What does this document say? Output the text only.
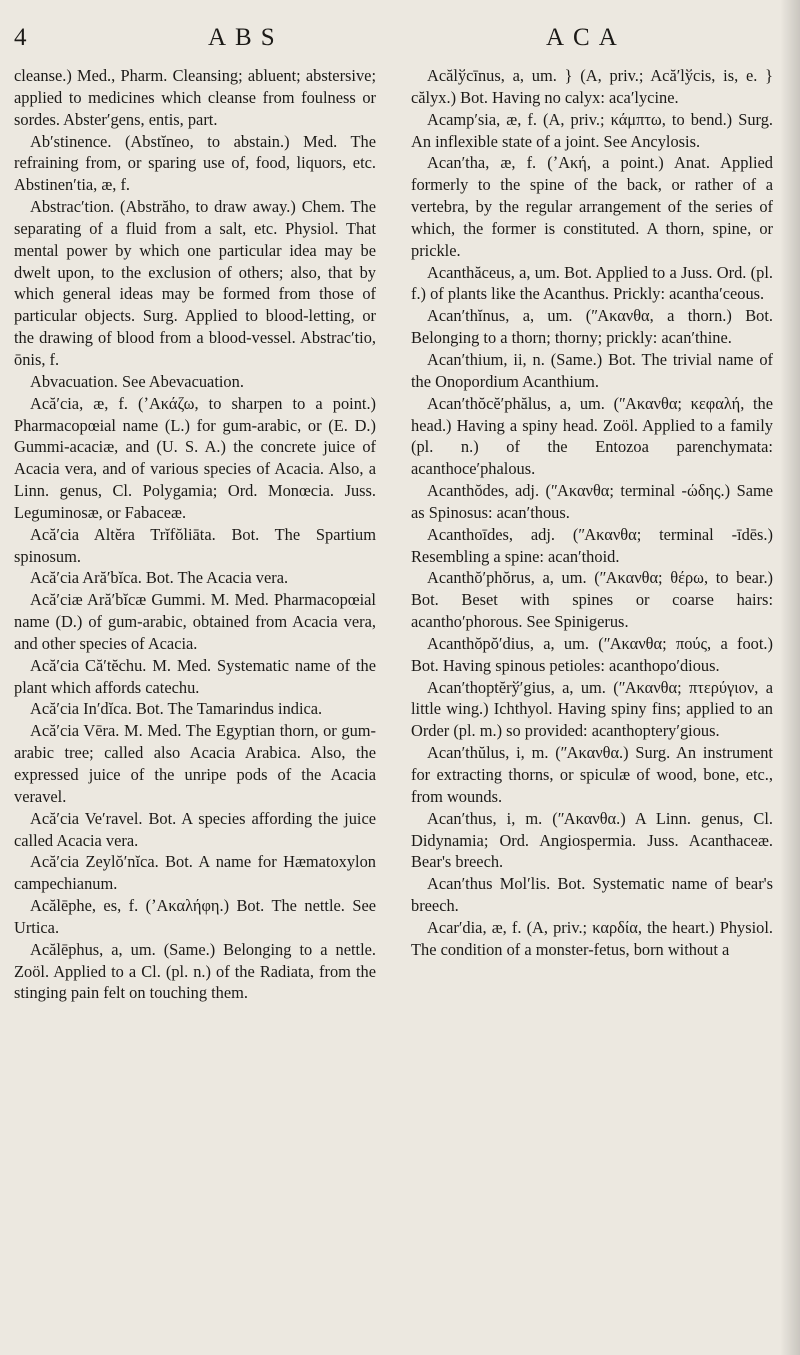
4	ABS	ACA

cleanse.) Med., Pharm. Cleansing; abluent; abstersive; applied to medicines which cleanse from foulness or sordes. Absterʹgens, entis, part.

Abʹstinence. (Abstĭneo, to abstain.) Med. The refraining from, or sparing use of, food, liquors, etc. Abstinenʹtia, æ, f.

Abstracʹtion. (Abstrăho, to draw away.) Chem. The separating of a fluid from a salt, etc. Physiol. That mental power by which one particular idea may be dwelt upon, to the exclusion of others; also, that by which general ideas may be formed from those of particular objects. Surg. Applied to blood-letting, or the drawing of blood from a blood-vessel. Abstracʹtio, ōnis, f.

Abvacuation. See Abevacuation.

Acăʹcia, æ, f. (ʼΑκάζω, to sharpen to a point.) Pharmacopœial name (L.) for gum-arabic, or (E. D.) Gummi-acaciæ, and (U. S. A.) the concrete juice of Acacia vera, and of various species of Acacia. Also, a Linn. genus, Cl. Polygamia; Ord. Monœcia. Juss. Leguminosæ, or Fabaceæ.

Acăʹcia Altĕra Trĭfŏliāta. Bot. The Spartium spinosum.

Acăʹcia Arăʹbĭca. Bot. The Acacia vera.

Acăʹciæ Arăʹbĭcæ Gummi. M. Med. Pharmacopœial name (D.) of gum-arabic, obtained from Acacia vera, and other species of Acacia.

Acăʹcia Căʹtĕchu. M. Med. Systematic name of the plant which affords catechu.

Acăʹcia Inʹdĭca. Bot. The Tamarindus indica.

Acăʹcia Vēra. M. Med. The Egyptian thorn, or gum-arabic tree; called also Acacia Arabica. Also, the expressed juice of the unripe pods of the Acacia veravel.

Acăʹcia Veʹravel. Bot. A species affording the juice called Acacia vera.

Acăʹcia Zeylŏʹnĭca. Bot. A name for Hæmatoxylon campechianum.

Acălēphe, es, f. (ʼΑκαλήφη.) Bot. The nettle. See Urtica.

Acălēphus, a, um. (Same.) Belonging to a nettle. Zoöl. Applied to a Cl. (pl. n.) of the Radiata, from the stinging pain felt on touching them.

Acălўcīnus, a, um. } (A, priv.; Acăʹlўcis, is, e. } călyx.) Bot. Having no calyx: acaʹlycine.

Acampʹsia, æ, f. (A, priv.; κάμπτω, to bend.) Surg. An inflexible state of a joint. See Ancylosis.

Acanʹtha, æ, f. (ʼΑκή, a point.) Anat. Applied formerly to the spine of the back, or rather of a vertebra, by the regular arrangement of the series of which, the former is constituted. A thorn, spine, or prickle.

Acanthăceus, a, um. Bot. Applied to a Juss. Ord. (pl. f.) of plants like the Acanthus. Prickly: acanthaʹceous.

Acanʹthĭnus, a, um. (ʺΑκανθα, a thorn.) Bot. Belonging to a thorn; thorny; prickly: acanʹthine.

Acanʹthium, ii, n. (Same.) Bot. The trivial name of the Onopordium Acanthium.

Acanʹthŏcĕʹphălus, a, um. (ʺΑκανθα; κεφαλή, the head.) Having a spiny head. Zoöl. Applied to a family (pl. n.) of the Entozoa parenchymata: acanthoceʹphalous.

Acanthŏdes, adj. (ʺΑκανθα; terminal -ώδης.) Same as Spinosus: acanʹthous.

Acanthoīdes, adj. (ʺΑκανθα; terminal -īdēs.) Resembling a spine: acanʹthoid.

Acanthŏʹphŏrus, a, um. (ʺΑκανθα; θέρω, to bear.) Bot. Beset with spines or coarse hairs: acanthoʹphorous. See Spinigerus.

Acanthŏpŏʹdius, a, um. (ʺΑκανθα; πούς, a foot.) Bot. Having spinous petioles: acanthopoʹdious.

Acanʹthoptĕrўʹgius, a, um. (ʺΑκανθα; πτερύγιον, a little wing.) Ichthyol. Having spiny fins; applied to an Order (pl. m.) so provided: acanthopteryʹgious.

Acanʹthŭlus, i, m. (ʺΑκανθα.) Surg. An instrument for extracting thorns, or spiculæ of wood, bone, etc., from wounds.

Acanʹthus, i, m. (ʺΑκανθα.) A Linn. genus, Cl. Didynamia; Ord. Angiospermia. Juss. Acanthaceæ. Bear's breech.

Acanʹthus Molʹlis. Bot. Systematic name of bear's breech.

Acarʹdia, æ, f. (A, priv.; καρδία, the heart.) Physiol. The condition of a monster-fetus, born without a
